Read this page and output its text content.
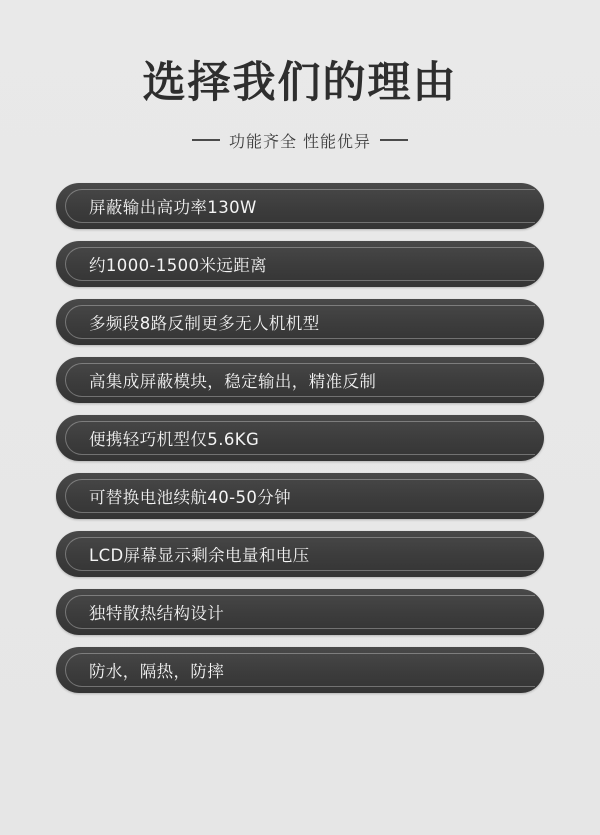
选择我们的理由
功能齐全 性能优异
屏蔽输出高功率130W
约1000-1500米远距离
多频段8路反制更多无人机机型
高集成屏蔽模块，稳定输出，精准反制
便携轻巧机型仅5.6KG
可替换电池续航40-50分钟
LCD屏幕显示剩余电量和电压
独特散热结构设计
防水，隔热，防摔
